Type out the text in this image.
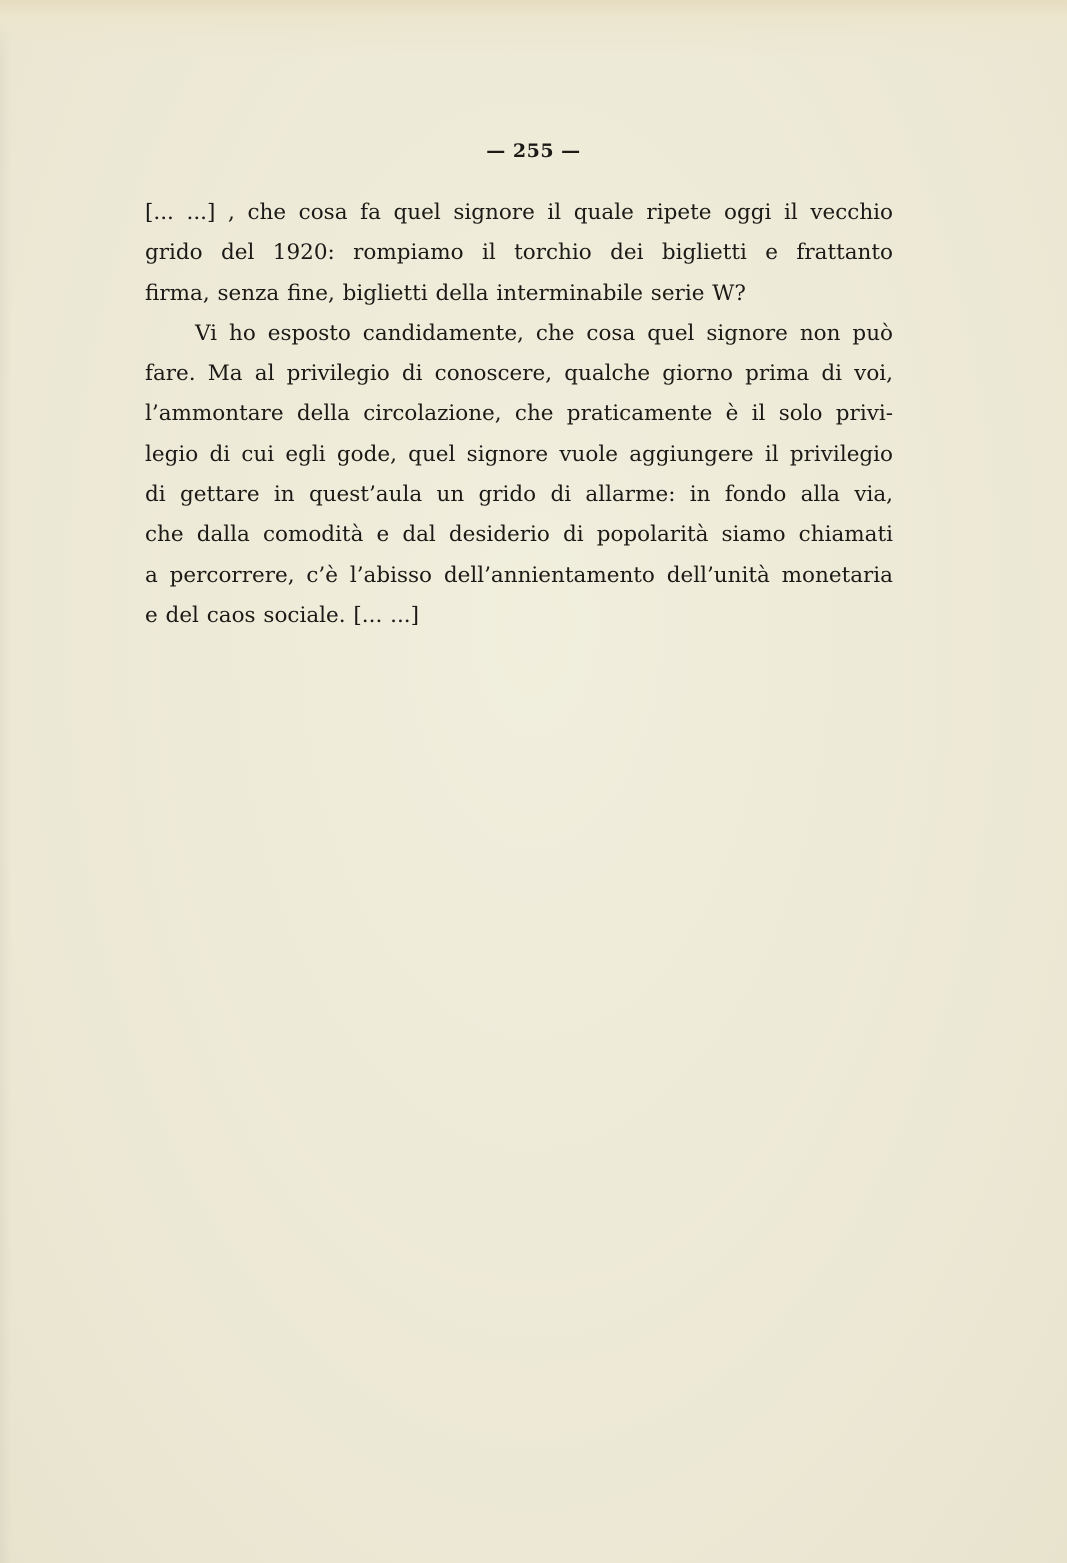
— 255 —
[... ...] , che cosa fa quel signore il quale ripete oggi il vecchio
grido del 1920: rompiamo il torchio dei biglietti e frattanto
firma, senza fine, biglietti della interminabile serie W?
Vi ho esposto candidamente, che cosa quel signore non può
fare. Ma al privilegio di conoscere, qualche giorno prima di voi,
l’ammontare della circolazione, che praticamente è il solo privi-
legio di cui egli gode, quel signore vuole aggiungere il privilegio
di gettare in quest’aula un grido di allarme: in fondo alla via,
che dalla comodità e dal desiderio di popolarità siamo chiamati
a percorrere, c’è l’abisso dell’annientamento dell’unità monetaria
e del caos sociale. [... ...]
